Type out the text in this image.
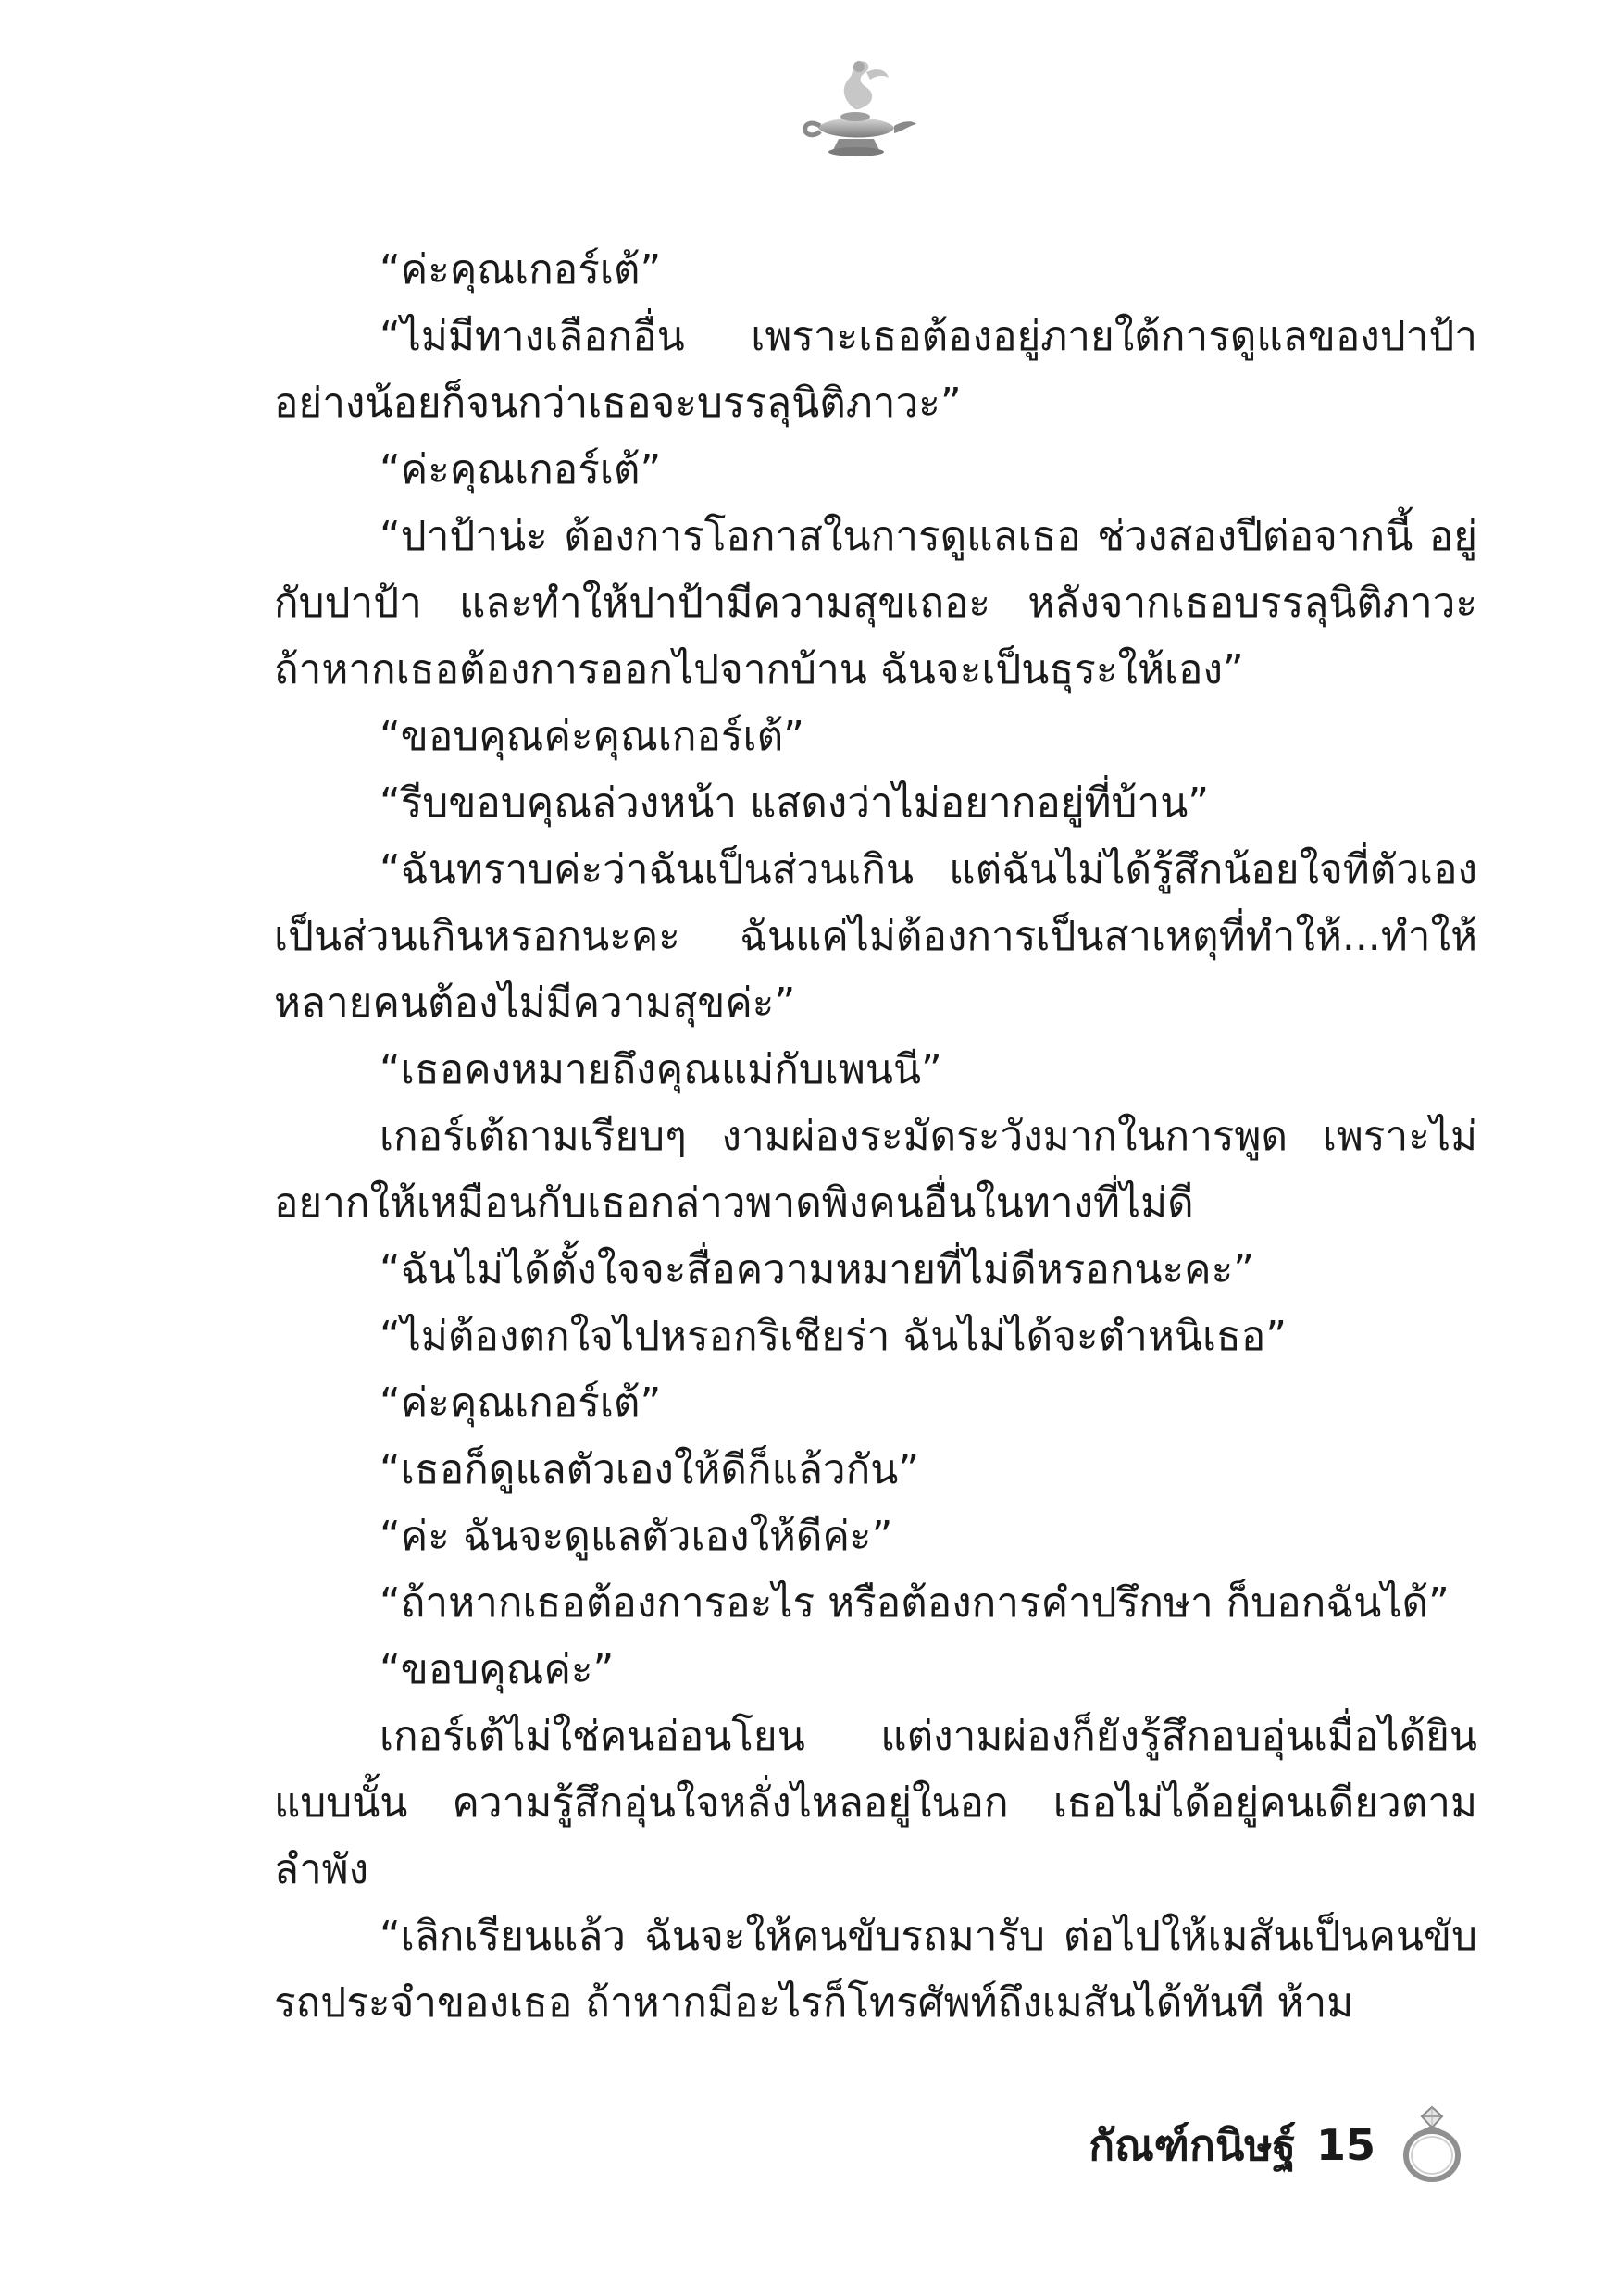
“ค่ะคุณเกอร์เต้”

“ไม่มีทางเลือกอื่น เพราะเธอต้องอยู่ภายใต้การดูแลของปาป้า อย่างน้อยก็จนกว่าเธอจะบรรลุนิติภาวะ”

“ค่ะคุณเกอร์เต้”

“ปาป้าน่ะ ต้องการโอกาสในการดูแลเธอ ช่วงสองปีต่อจากนี้ อยู่กับปาป้า และทำให้ปาป้ามีความสุขเถอะ หลังจากเธอบรรลุนิติภาวะ ถ้าหากเธอต้องการออกไปจากบ้าน ฉันจะเป็นธุระให้เอง”

“ขอบคุณค่ะคุณเกอร์เต้”

“รีบขอบคุณล่วงหน้า แสดงว่าไม่อยากอยู่ที่บ้าน”

“ฉันทราบค่ะว่าฉันเป็นส่วนเกิน แต่ฉันไม่ได้รู้สึกน้อยใจที่ตัวเองเป็นส่วนเกินหรอกนะคะ ฉันแค่ไม่ต้องการเป็นสาเหตุที่ทำให้...ทำให้หลายคนต้องไม่มีความสุขค่ะ”

“เธอคงหมายถึงคุณแม่กับเพนนี”

เกอร์เต้ถามเรียบๆ งามผ่องระมัดระวังมากในการพูด เพราะไม่อยากให้เหมือนกับเธอกล่าวพาดพิงคนอื่นในทางที่ไม่ดี

“ฉันไม่ได้ตั้งใจจะสื่อความหมายที่ไม่ดีหรอกนะคะ”

“ไม่ต้องตกใจไปหรอกริเชียร่า ฉันไม่ได้จะตำหนิเธอ”

“ค่ะคุณเกอร์เต้”

“เธอก็ดูแลตัวเองให้ดีก็แล้วกัน”

“ค่ะ ฉันจะดูแลตัวเองให้ดีค่ะ”

“ถ้าหากเธอต้องการอะไร หรือต้องการคำปรึกษา ก็บอกฉันได้”

“ขอบคุณค่ะ”

เกอร์เต้ไม่ใช่คนอ่อนโยน แต่งามผ่องก็ยังรู้สึกอบอุ่นเมื่อได้ยินแบบนั้น ความรู้สึกอุ่นใจหลั่งไหลอยู่ในอก เธอไม่ได้อยู่คนเดียวตามลำพัง

“เลิกเรียนแล้ว ฉันจะให้คนขับรถมารับ ต่อไปให้เมสันเป็นคนขับรถประจำของเธอ ถ้าหากมีอะไรก็โทรศัพท์ถึงเมสันได้ทันที ห้าม

กัณฑ์กนิษฐ์ 15
